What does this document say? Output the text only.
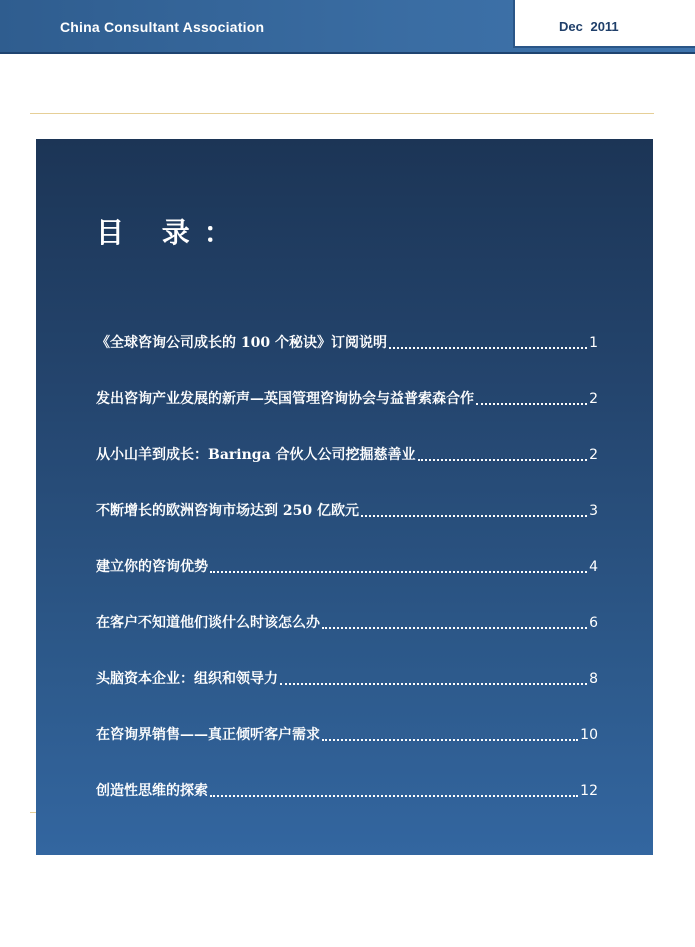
China Consultant Association	Dec 2011
目 录：
《全球咨询公司成长的 100 个秘诀》订阅说明	1
发出咨询产业发展的新声—英国管理咨询协会与益普索森合作	2
从小山羊到成长：Baringa 合伙人公司挖掘慈善业	2
不断增长的欧洲咨询市场达到 250 亿欧元	3
建立你的咨询优势	4
在客户不知道他们谈什么时该怎么办	6
头脑资本企业：组织和领导力	8
在咨询界销售——真正倾听客户需求	10
创造性思维的探索	12
